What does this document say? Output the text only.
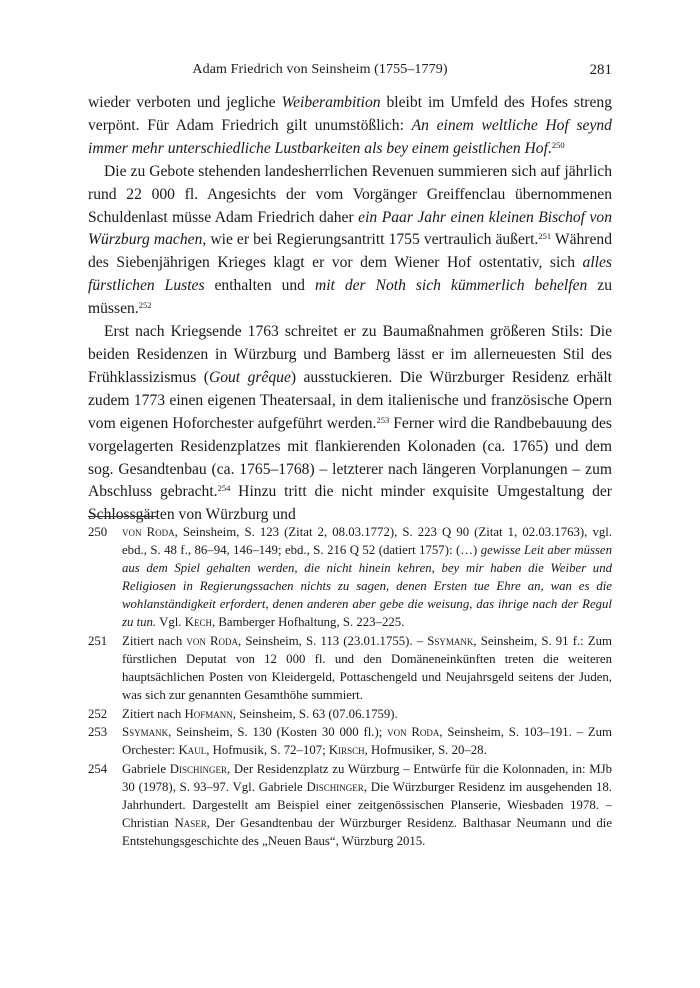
Adam Friedrich von Seinsheim (1755–1779)	281

wieder verboten und jegliche Weiberambition bleibt im Umfeld des Hofes streng verpönt. Für Adam Friedrich gilt unumstößlich: An einem weltliche Hof seynd immer mehr unterschiedliche Lustbarkeiten als bey einem geistlichen Hof.$^{250}$

Die zu Gebote stehenden landesherrlichen Revenuen summieren sich auf jährlich rund 22 000 fl. Angesichts der vom Vorgänger Greiffenclau übernommenen Schuldenlast müsse Adam Friedrich daher ein Paar Jahr einen kleinen Bischof von Würzburg machen, wie er bei Regierungsantritt 1755 vertraulich äußert.$^{251}$ Während des Siebenjährigen Krieges klagt er vor dem Wiener Hof ostentativ, sich alles fürstlichen Lustes enthalten und mit der Noth sich kümmerlich behelfen zu müssen.$^{252}$

Erst nach Kriegsende 1763 schreitet er zu Baumaßnahmen größeren Stils: Die beiden Residenzen in Würzburg und Bamberg lässt er im allerneuesten Stil des Frühklassizismus (Gout grêque) ausstuckieren. Die Würzburger Residenz erhält zudem 1773 einen eigenen Theatersaal, in dem italienische und französische Opern vom eigenen Hoforchester aufgeführt werden.$^{253}$ Ferner wird die Randbebauung des vorgelagerten Residenzplatzes mit flankierenden Kolonaden (ca. 1765) und dem sog. Gesandtenbau (ca. 1765–1768) – letzterer nach längeren Vorplanungen – zum Abschluss gebracht.$^{254}$ Hinzu tritt die nicht minder exquisite Umgestaltung der Schlossgärten von Würzburg und

250 von Roda, Seinsheim, S. 123 (Zitat 2, 08.03.1772), S. 223 Q 90 (Zitat 1, 02.03.1763), vgl. ebd., S. 48 f., 86–94, 146–149; ebd., S. 216 Q 52 (datiert 1757): (…) gewisse Leit aber müssen aus dem Spiel gehalten werden, die nicht hinein kehren, bey mir haben die Weiber und Religiosen in Regierungssachen nichts zu sagen, denen Ersten tue Ehre an, wan es die wohlanständigkeit erfordert, denen anderen aber gebe die weisung, das ihrige nach der Regul zu tun. Vgl. Kech, Bamberger Hofhaltung, S. 223–225.
251 Zitiert nach von Roda, Seinsheim, S. 113 (23.01.1755). – Ssymank, Seinsheim, S. 91 f.: Zum fürstlichen Deputat von 12 000 fl. und den Domäneneinkünften treten die weiteren hauptsächlichen Posten von Kleidergeld, Pottaschengeld und Neujahrsgeld seitens der Juden, was sich zur genannten Gesamthöhe summiert.
252 Zitiert nach Hofmann, Seinsheim, S. 63 (07.06.1759).
253 Ssymank, Seinsheim, S. 130 (Kosten 30 000 fl.); von Roda, Seinsheim, S. 103–191. – Zum Orchester: Kaul, Hofmusik, S. 72–107; Kirsch, Hofmusiker, S. 20–28.
254 Gabriele Dischinger, Der Residenzplatz zu Würzburg – Entwürfe für die Kolonnaden, in: MJb 30 (1978), S. 93–97. Vgl. Gabriele Dischinger, Die Würzburger Residenz im ausgehenden 18. Jahrhundert. Dargestellt am Beispiel einer zeitgenössischen Planserie, Wiesbaden 1978. – Christian Naser, Der Gesandtenbau der Würzburger Residenz. Balthasar Neumann und die Entstehungsgeschichte des „Neuen Baus“, Würzburg 2015.
